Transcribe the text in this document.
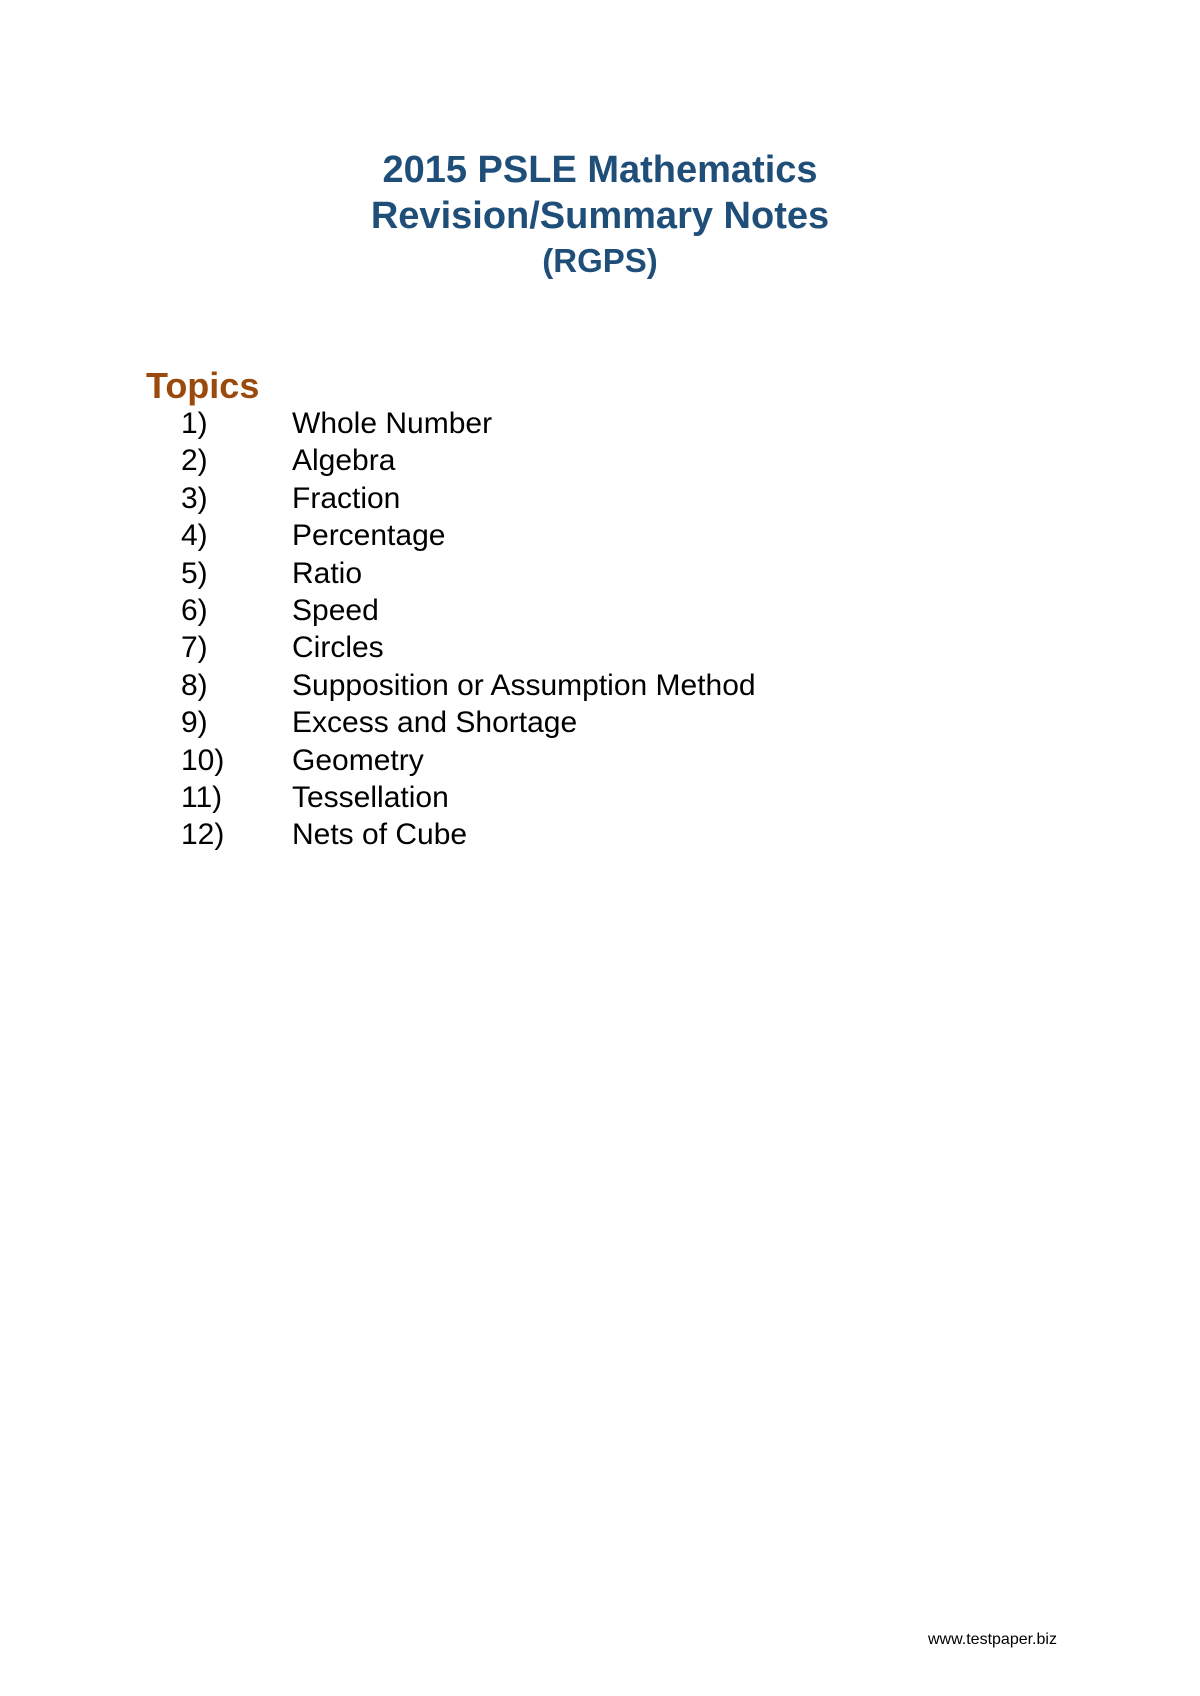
2015 PSLE Mathematics
Revision/Summary Notes
(RGPS)
Topics
1)	Whole Number
2)	Algebra
3)	Fraction
4)	Percentage
5)	Ratio
6)	Speed
7)	Circles
8)	Supposition or Assumption Method
9)	Excess and Shortage
10) Geometry
11) Tessellation
12) Nets of Cube
www.testpaper.biz
